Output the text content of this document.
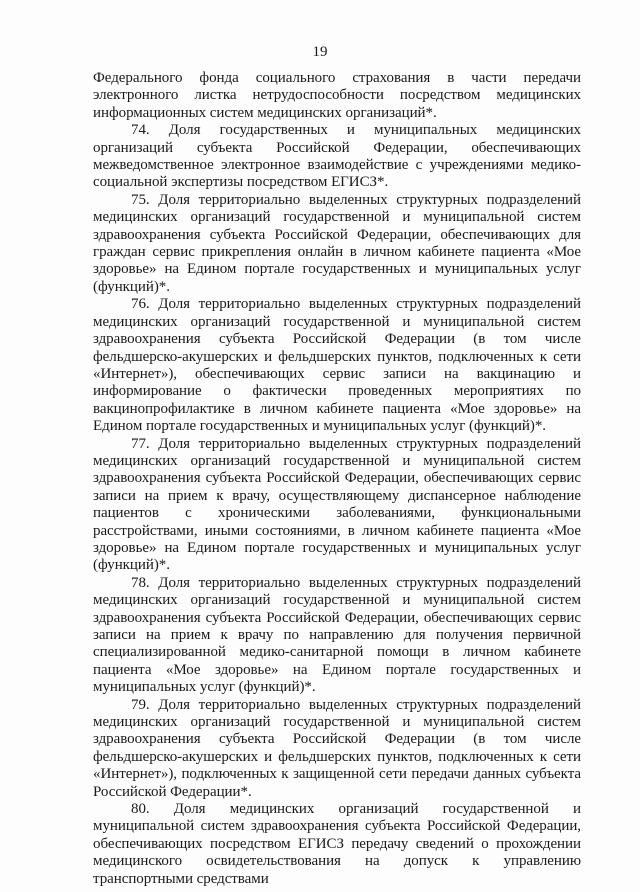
19

Федерального фонда социального страхования в части передачи электронного листка нетрудоспособности посредством медицинских информационных систем медицинских организаций*.

74. Доля государственных и муниципальных медицинских организаций субъекта Российской Федерации, обеспечивающих межведомственное электронное взаимодействие с учреждениями медико-социальной экспертизы посредством ЕГИСЗ*.

75. Доля территориально выделенных структурных подразделений медицинских организаций государственной и муниципальной систем здравоохранения субъекта Российской Федерации, обеспечивающих для граждан сервис прикрепления онлайн в личном кабинете пациента «Мое здоровье» на Едином портале государственных и муниципальных услуг (функций)*.

76. Доля территориально выделенных структурных подразделений медицинских организаций государственной и муниципальной систем здравоохранения субъекта Российской Федерации (в том числе фельдшерско-акушерских и фельдшерских пунктов, подключенных к сети «Интернет»), обеспечивающих сервис записи на вакцинацию и информирование о фактически проведенных мероприятиях по вакцинопрофилактике в личном кабинете пациента «Мое здоровье» на Едином портале государственных и муниципальных услуг (функций)*.

77. Доля территориально выделенных структурных подразделений медицинских организаций государственной и муниципальной систем здравоохранения субъекта Российской Федерации, обеспечивающих сервис записи на прием к врачу, осуществляющему диспансерное наблюдение пациентов с хроническими заболеваниями, функциональными расстройствами, иными состояниями, в личном кабинете пациента «Мое здоровье» на Едином портале государственных и муниципальных услуг (функций)*.

78. Доля территориально выделенных структурных подразделений медицинских организаций государственной и муниципальной систем здравоохранения субъекта Российской Федерации, обеспечивающих сервис записи на прием к врачу по направлению для получения первичной специализированной медико-санитарной помощи в личном кабинете пациента «Мое здоровье» на Едином портале государственных и муниципальных услуг (функций)*.

79. Доля территориально выделенных структурных подразделений медицинских организаций государственной и муниципальной систем здравоохранения субъекта Российской Федерации (в том числе фельдшерско-акушерских и фельдшерских пунктов, подключенных к сети «Интернет»), подключенных к защищенной сети передачи данных субъекта Российской Федерации*.

80. Доля медицинских организаций государственной и муниципальной систем здравоохранения субъекта Российской Федерации, обеспечивающих посредством ЕГИСЗ передачу сведений о прохождении медицинского освидетельствования на допуск к управлению транспортными средствами
